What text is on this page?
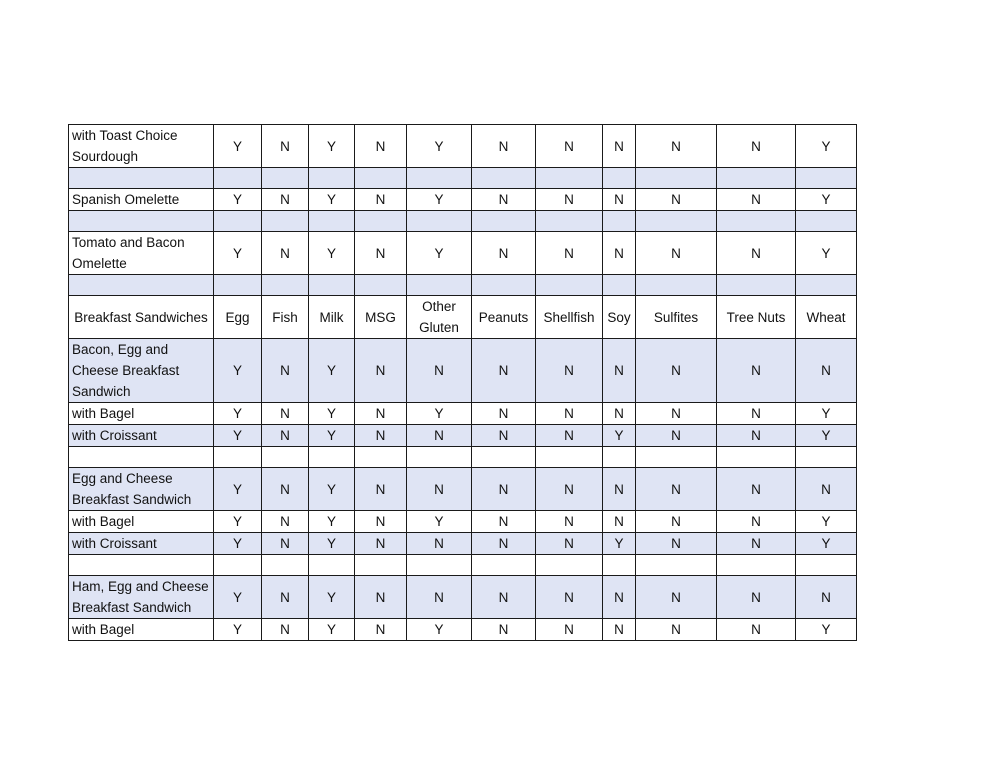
with Toast Choice Sourdough	Y	N	Y	N	Y	N	N	N	N	N	Y

Spanish Omelette	Y	N	Y	N	Y	N	N	N	N	N	Y

Tomato and Bacon Omelette	Y	N	Y	N	Y	N	N	N	N	N	Y

Breakfast Sandwiches	Egg	Fish	Milk	MSG	Other Gluten	Peanuts	Shellfish	Soy	Sulfites	Tree Nuts	Wheat
Bacon, Egg and Cheese Breakfast Sandwich	Y	N	Y	N	N	N	N	N	N	N	N
with Bagel	Y	N	Y	N	Y	N	N	N	N	N	Y
with Croissant	Y	N	Y	N	N	N	N	Y	N	N	Y

Egg and Cheese Breakfast Sandwich	Y	N	Y	N	N	N	N	N	N	N	N
with Bagel	Y	N	Y	N	Y	N	N	N	N	N	Y
with Croissant	Y	N	Y	N	N	N	N	Y	N	N	Y

Ham, Egg and Cheese Breakfast Sandwich	Y	N	Y	N	N	N	N	N	N	N	N
with Bagel	Y	N	Y	N	Y	N	N	N	N	N	Y
